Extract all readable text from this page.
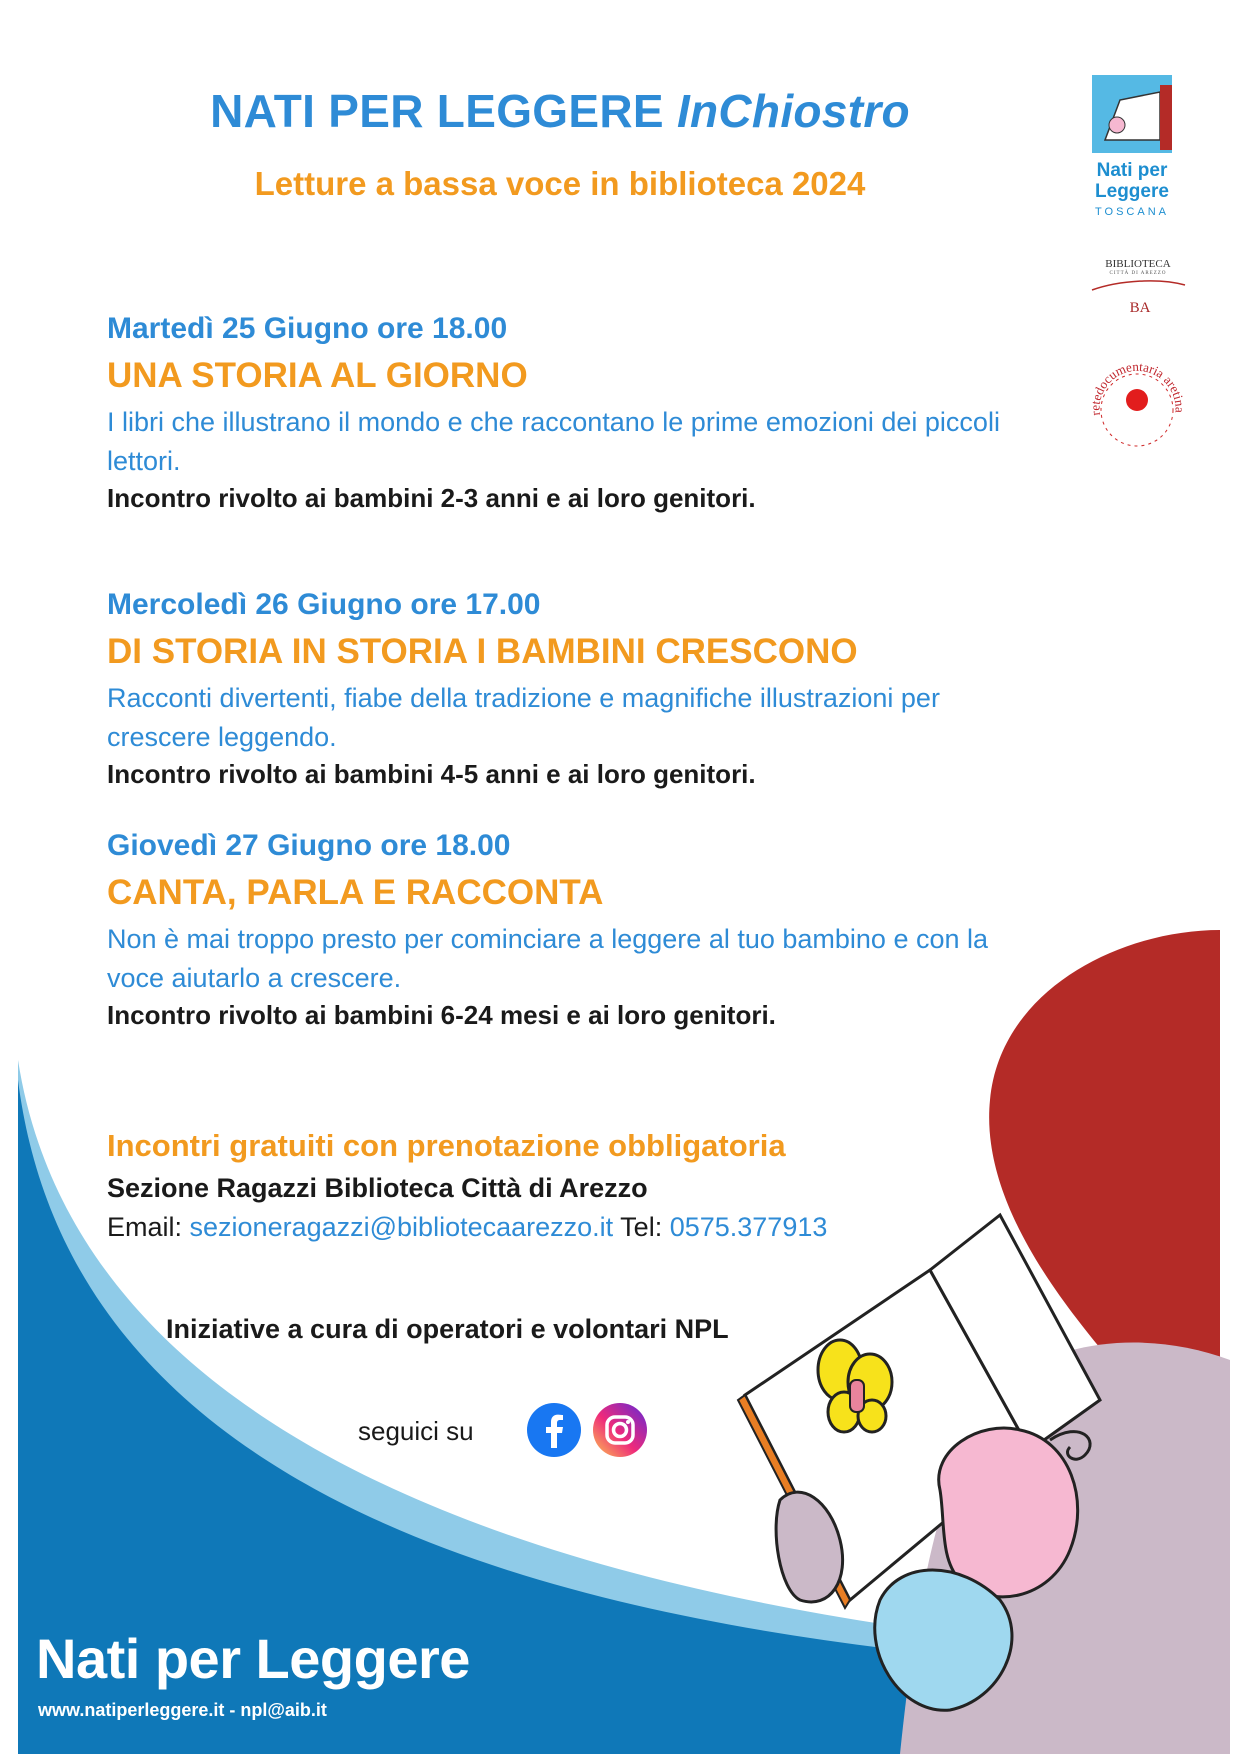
NATI PER LEGGERE InChiostro
Letture a bassa voce in biblioteca 2024	Nati per
Leggere
TOSCANA
BIBLIOTECA
CITTÀ DI AREZZO
BA
retedocumentaria aretina
Martedì 25 Giugno ore 18.00
UNA STORIA AL GIORNO
I libri che illustrano il mondo e che raccontano le prime emozioni dei piccoli lettori.
Incontro rivolto ai bambini 2-3 anni e ai loro genitori.
Mercoledì 26 Giugno ore 17.00
DI STORIA IN STORIA I BAMBINI CRESCONO
Racconti divertenti, fiabe della tradizione e magnifiche illustrazioni per crescere leggendo.
Incontro rivolto ai bambini 4-5 anni e ai loro genitori.
Giovedì 27 Giugno ore 18.00
CANTA, PARLA E RACCONTA
Non è mai troppo presto per cominciare a leggere al tuo bambino e con la voce aiutarlo a crescere.
Incontro rivolto ai bambini 6-24 mesi e ai loro genitori.
Incontri gratuiti con prenotazione obbligatoria
Sezione Ragazzi Biblioteca Città di Arezzo
Email: sezioneragazzi@bibliotecaarezzo.it Tel: 0575.377913
Iniziative a cura di operatori e volontari NPL
seguici su
Nati per Leggere
www.natiperleggere.it - npl@aib.it
